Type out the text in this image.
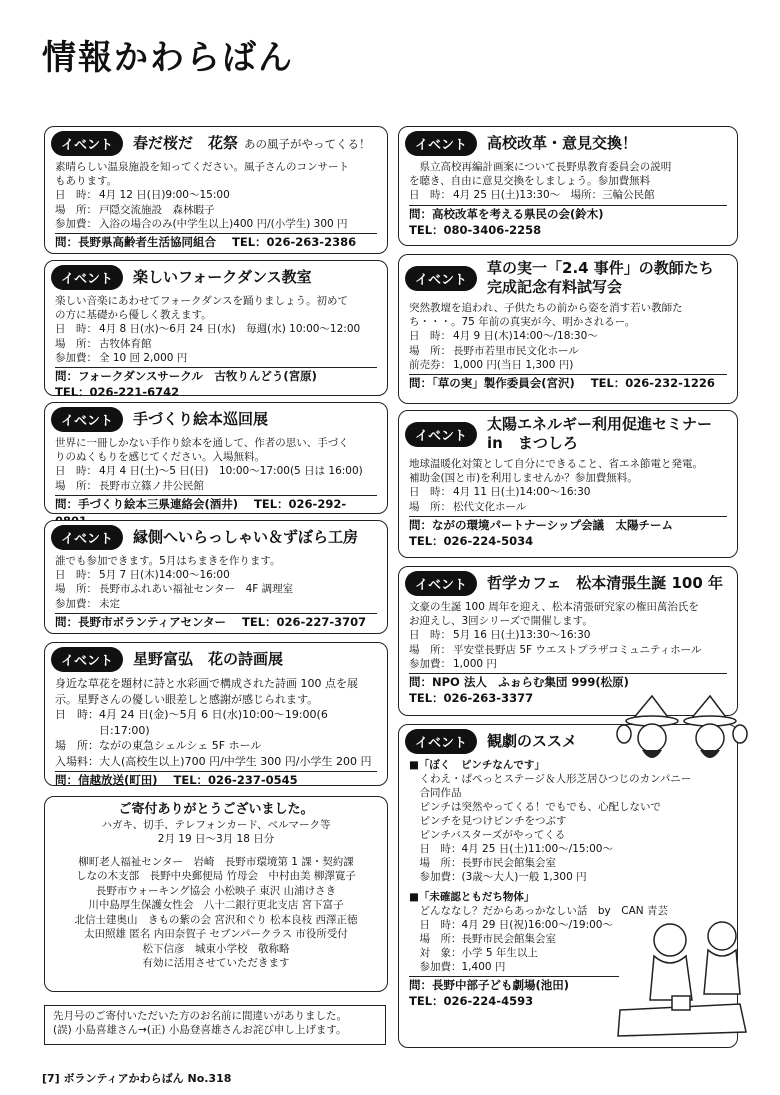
情報かわらばん
イベント	春だ桜だ　花祭 あの風子がやってくる！

素晴らしい温泉施設を知ってください。風子さんのコンサート

もあります。

日　時： 4月 12 日(日)9:00～15:00
場　所： 戸隠交流施設　森林暇子
参加費： 入浴の場合のみ(中学生以上)400 円/(小学生) 300 円
問：長野県高齢者生活協同組合 TEL：026-263-2386
イベント	楽しいフォークダンス教室

楽しい音楽にあわせてフォークダンスを踊りましょう。初めて

の方に基礎から優しく教えます。

日　時： 4月 8 日(水)～6月 24 日(水)　毎週(水) 10:00～12:00
場　所： 古牧体育館
参加費： 全 10 回 2,000 円
問：フォークダンスサークル　古牧りんどう(宮原)
TEL：026-221-6742
イベント	手づくり絵本巡回展

世界に一冊しかない手作り絵本を通して、作者の思い、手づく

りのぬくもりを感じてください。入場無料。

日　時： 4月 4 日(土)～5 日(日)　10:00～17:00(5 日は 16:00)
場　所： 長野市立篠ノ井公民館
問：手づくり絵本三県連絡会(酒井) TEL：026-292-
イベント	縁側へいらっしゃい＆ずぼら工房

誰でも参加できます。5月はちまきを作ります。

日　時： 5月 7 日(木)14:00～16:00
場　所： 長野市ふれあい福祉センター　4F 調理室
参加費： 未定
問：長野市ボランティアセンター TEL：026-227-3707
イベント	星野富弘　花の詩画展

身近な草花を題材に詩と水彩画で構成された詩画 100 点を展

示。星野さんの優しい眼差しと感謝が感じられます。

日　時： 4月 24 日(金)～5月 6 日(水)10:00～19:00(6 日:17:00)
場　所： ながの東急シェルシェ 5F ホール
入場料： 大人(高校生以上)700 円/中学生 300 円/小学生 200 円
問：信越放送(町田) TEL：026-237-0545
ご寄付ありがとうございました。
ハガキ、切手、テレフォンカード、ベルマーク等
2月 19 日～3月 18 日分
柳町老人福祉センター　岩崎　長野市環境第 1 課・契約課
しなの木支部　長野中央郵便局 竹母会　中村由美 柳澤寛子
長野市ウォーキング協会 小松映子 東沢 山浦けさき
川中島厚生保護女性会　八十二銀行更北支店 宮下富子
北信士建奥山　きもの紫の会 宮沢和ぐり 松本良枝 西澤正徳
太田照雄 匿名 内田奈賀子 セブンパークラス 市役所受付
松下信彦　城東小学校　敬称略
有効に活用させていただきます
先月号のご寄付いただいた方のお名前に間違いがありました。
(誤) 小島喜雄さん→(正) 小島登喜雄さんお詫び申し上げます。
イベント	高校改革・意見交換！

　県立高校再編計画案について長野県教育委員会の説明

を聴き、自由に意見交換をしましょう。参加費無料

日　時： 4月 25 日(土)13:30～　場所：三輪公民館
問：高校改革を考える県民の会(鈴木)
TEL：080-3406-2258
イベント
草の実一「2.4 事件」の教師たち
完成記念有料試写会

突然教壇を追われ、子供たちの前から姿を消す若い教師た

ち・・・。75 年前の真実が今、明かされるー。

日　時： 4月 9 日(木)14:00～/18:30～
場　所： 長野市若里市民文化ホール
前売券： 1,000 円(当日 1,300 円)
問：「草の実」製作委員会(宮沢) TEL：026-232-1226
イベント
太陽エネルギー利用促進セミナー
in　まつしろ

地球温暖化対策として自分にできること、省エネ節電と発電。

補助金(国と市)を利用しませんか？参加費無料。

日　時： 4月 11 日(土)14:00～16:30
場　所： 松代文化ホール
問：ながの環境パートナーシップ会議　太陽チーム
TEL：026-224-5034
イベント	哲学カフェ　松本清張生誕 100 年

文豪の生誕 100 周年を迎え、松本清張研究家の権田萬治氏を

お迎えし、3回シリーズで開催します。

日　時： 5月 16 日(土)13:30～16:30
場　所： 平安堂長野店 5F ウエストプラザコミュニティホール
参加費： 1,000 円
問：NPO 法人　ふぉらむ集団 999(松原)
TEL：026-263-3377
イベント	観劇のススメ

■「ぼく　ピンチなんです」

　くわえ・ぱぺっとステージ＆人形芝居ひつじのカンパニー

　合同作品

　ピンチは突然やってくる！でもでも、心配しないで

　ピンチを見つけピンチをつぶす

　ピンチバスターズがやってくる

　日　時：4月 25 日(土)11:00～/15:00～

　場　所：長野市民会館集会室

　参加費：(3歳～大人)一般 1,300 円

■「未確認ともだち物体」

　どんななし？だからあっかなしい話　by　CAN 青芸

　日　時：4月 29 日(祝)16:00～/19:00～

　場　所：長野市民会館集会室

　対　象：小学 5 年生以上

　参加費：1,400 円

問：長野中部子ども劇場(池田)
TEL：026-224-4593
[7] ボランティアかわらばん No.318
